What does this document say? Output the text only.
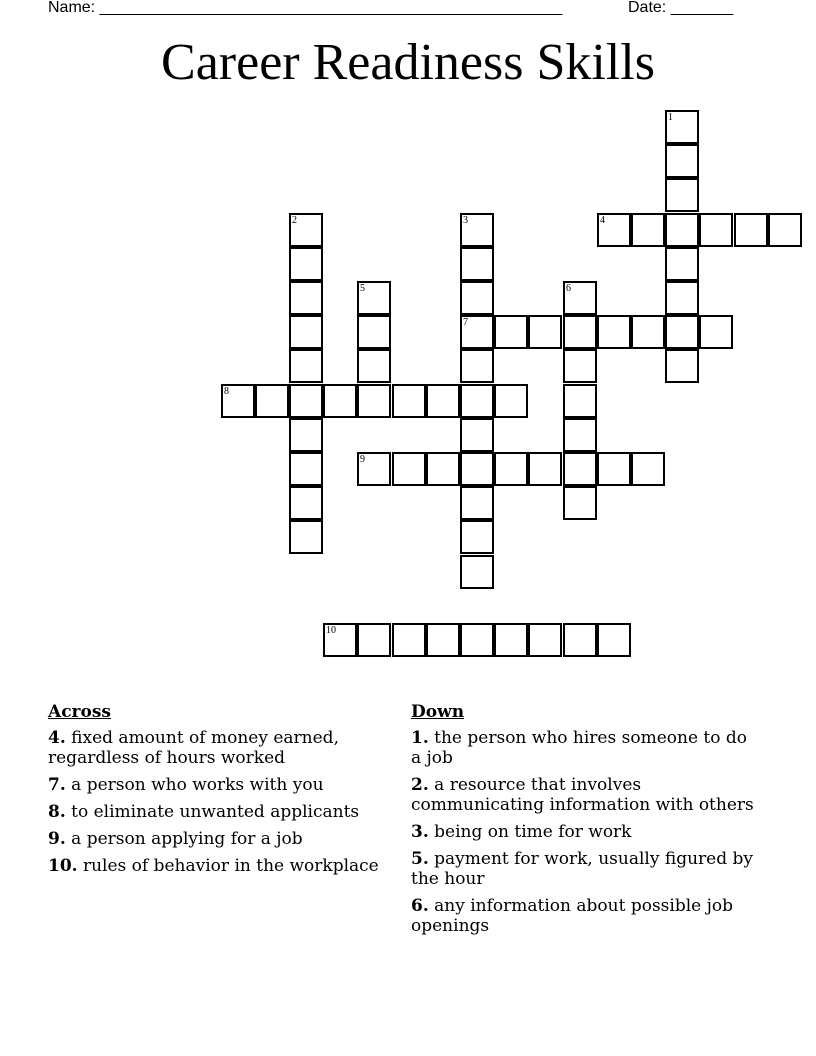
Name: ____________________________________________________	Date: _______
Career Readiness Skills
1
2	3	4
5	6
7
8
9
10
Across
4. fixed amount of money earned, regardless of hours worked
7. a person who works with you
8. to eliminate unwanted applicants
9. a person applying for a job
10. rules of behavior in the workplace
Down
1. the person who hires someone to do a job
2. a resource that involves communicating information with others
3. being on time for work
5. payment for work, usually figured by the hour
6. any information about possible job openings
